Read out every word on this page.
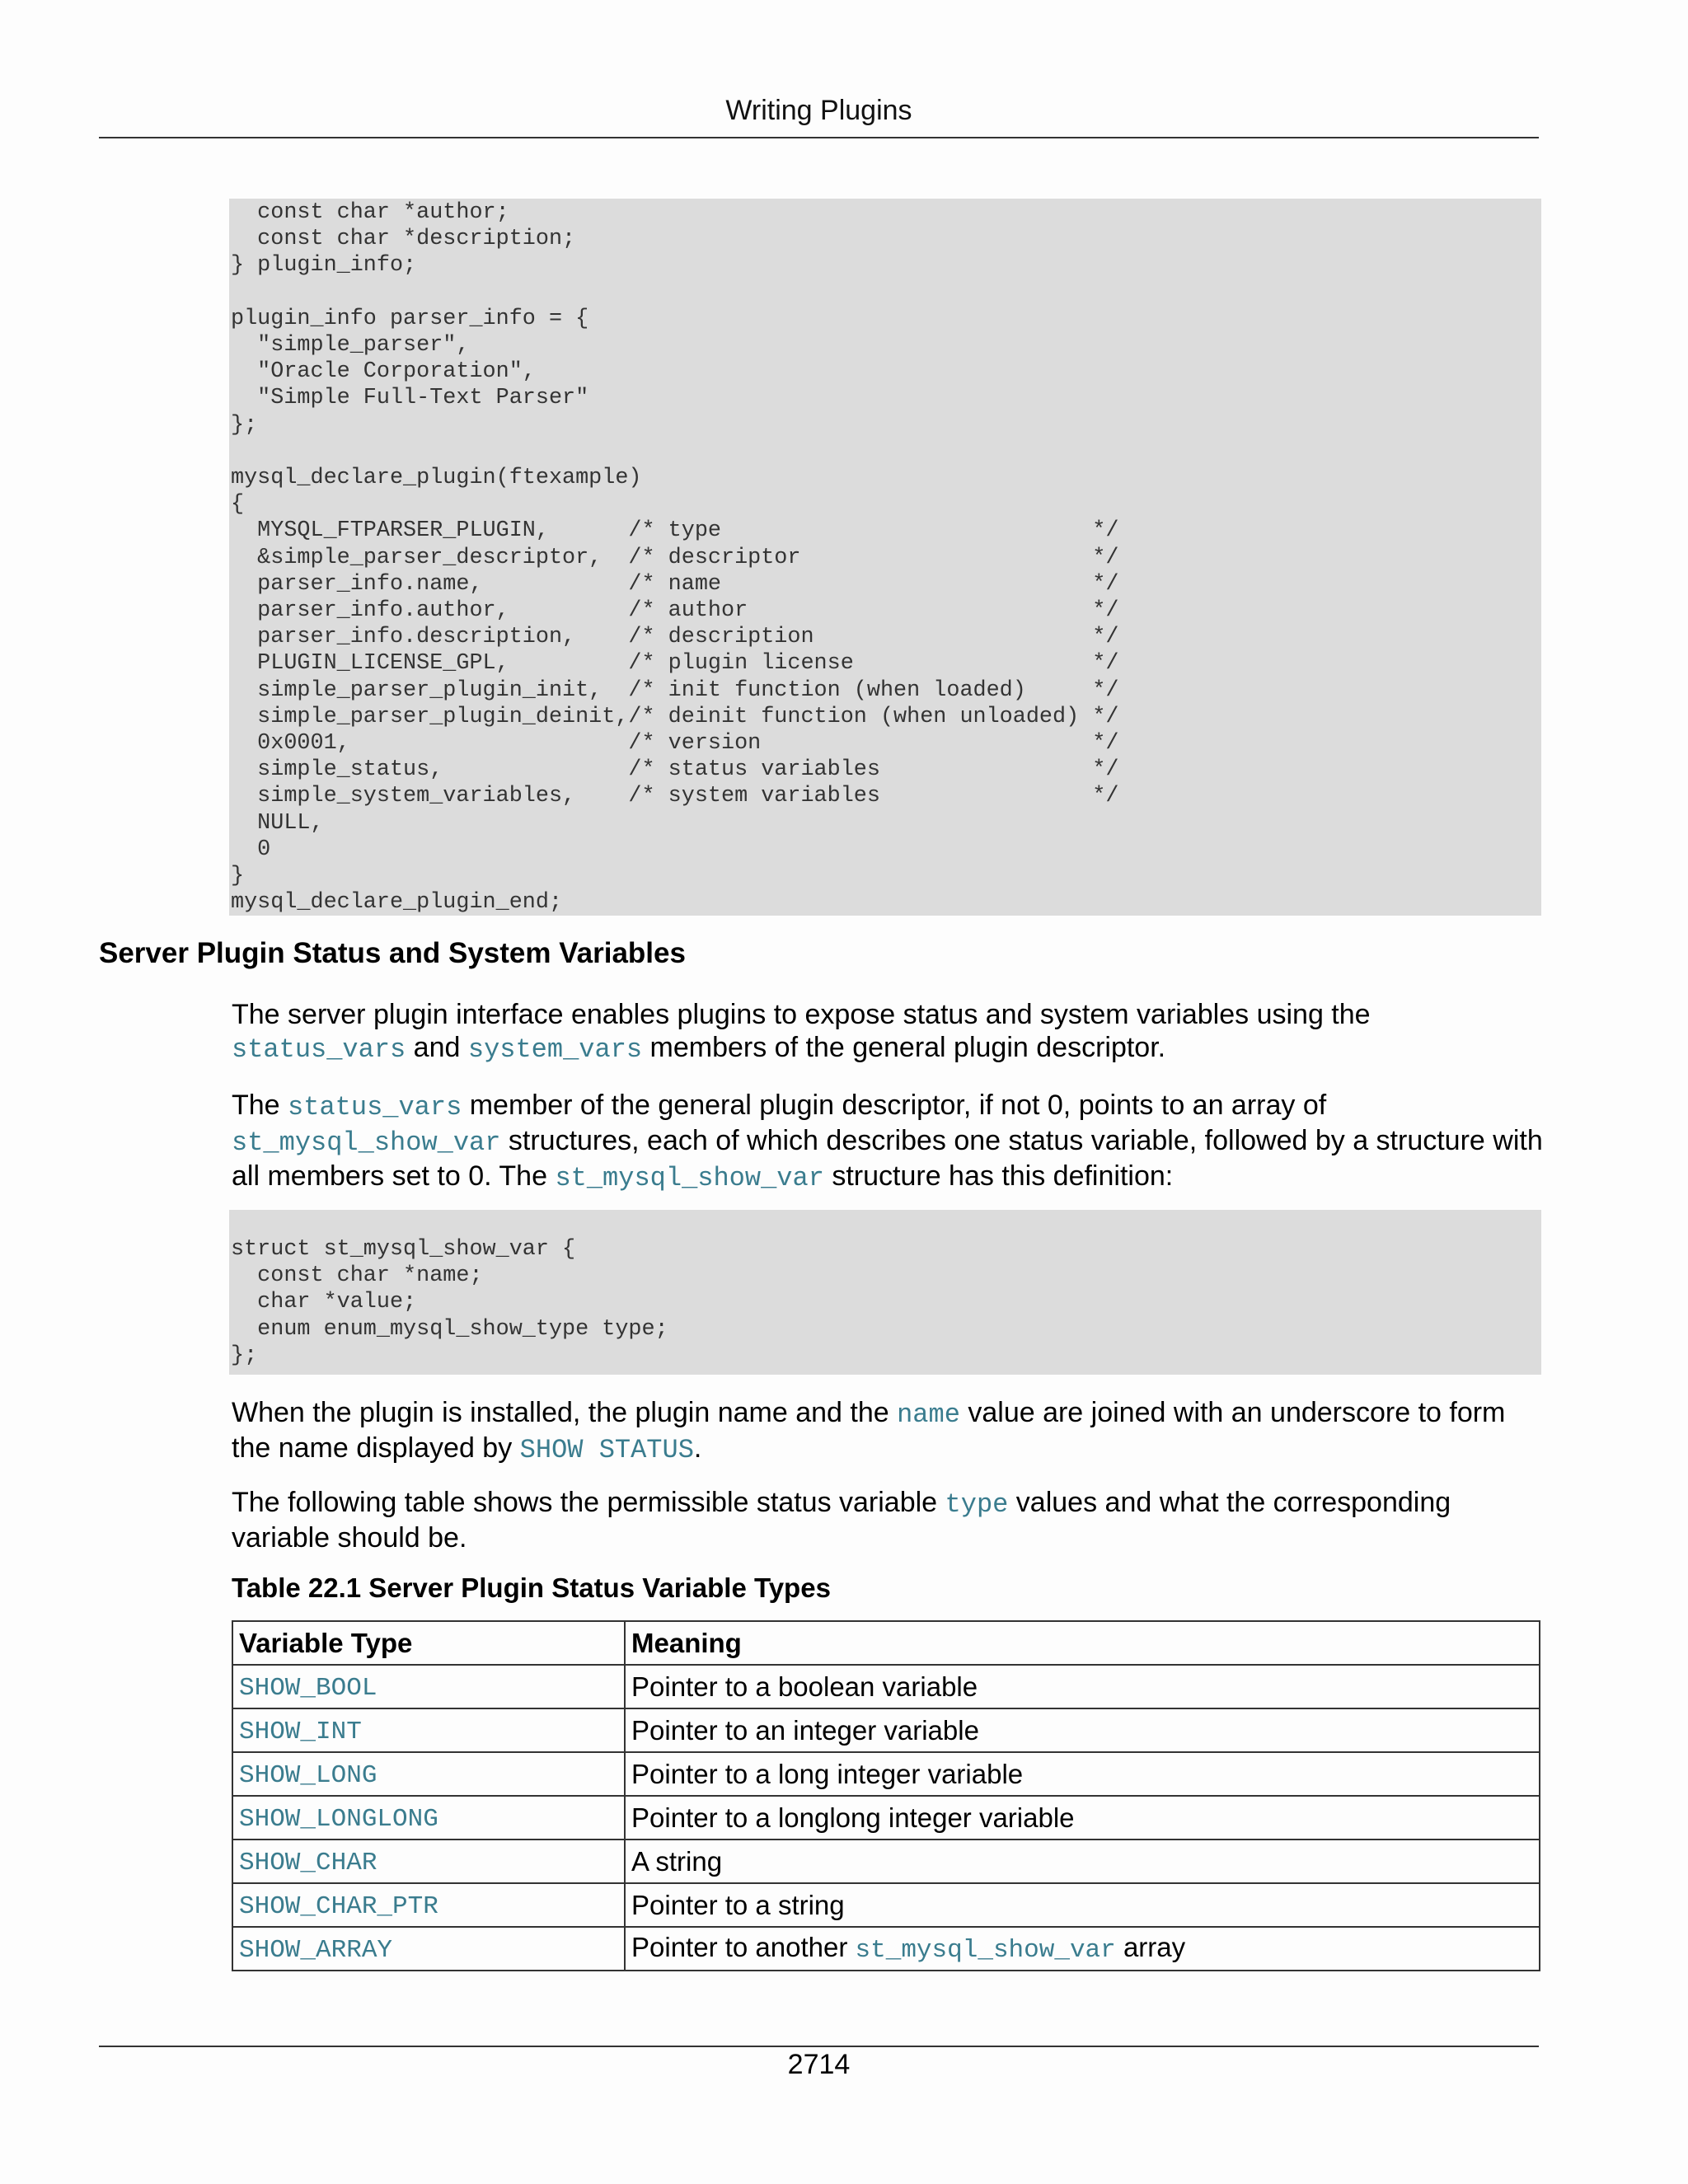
Writing Plugins
const char *author;
const char *description;
} plugin_info;

plugin_info parser_info = {
"simple_parser",
"Oracle Corporation",
"Simple Full-Text Parser"
};

mysql_declare_plugin(ftexample)
{
MYSQL_FTPARSER_PLUGIN,      /* type                            */
&simple_parser_descriptor,  /* descriptor                      */
parser_info.name,           /* name                            */
parser_info.author,         /* author                          */
parser_info.description,    /* description                     */
PLUGIN_LICENSE_GPL,         /* plugin license                  */
simple_parser_plugin_init,  /* init function (when loaded)     */
simple_parser_plugin_deinit,/* deinit function (when unloaded) */
0x0001,                     /* version                         */
simple_status,              /* status variables                */
simple_system_variables,    /* system variables                */
NULL,
0
}
mysql_declare_plugin_end;
Server Plugin Status and System Variables

The server plugin interface enables plugins to expose status and system variables using the
status_vars and system_vars members of the general plugin descriptor.

The status_vars member of the general plugin descriptor, if not 0, points to an array of
st_mysql_show_var structures, each of which describes one status variable, followed by a structure with all members set to 0. The st_mysql_show_var structure has this definition:

struct st_mysql_show_var {
const char *name;
char *value;
enum enum_mysql_show_type type;
};

When the plugin is installed, the plugin name and the name value are joined with an underscore to form the name displayed by SHOW STATUS.

The following table shows the permissible status variable type values and what the corresponding variable should be.

Table 22.1 Server Plugin Status Variable Types
Variable Type	Meaning
SHOW_BOOL	Pointer to a boolean variable
SHOW_INT	Pointer to an integer variable
SHOW_LONG	Pointer to a long integer variable
SHOW_LONGLONG	Pointer to a longlong integer variable
SHOW_CHAR	A string
SHOW_CHAR_PTR	Pointer to a string
SHOW_ARRAY	Pointer to another st_mysql_show_var array
2714
